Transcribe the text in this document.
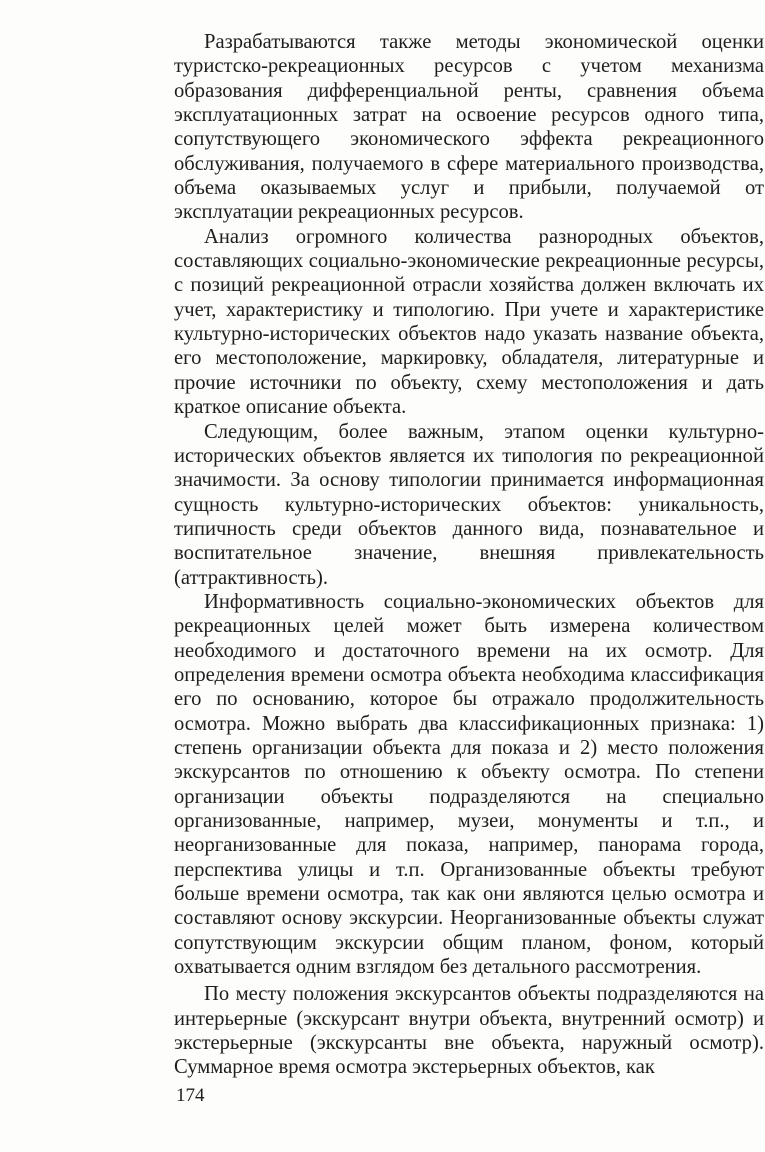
Разрабатываются также методы экономической оценки туристско-рекреационных ресурсов с учетом механизма образования дифференциальной ренты, сравнения объема эксплуатационных затрат на освоение ресурсов одного типа, сопутствующего экономического эффекта рекреационного обслуживания, получаемого в сфере материального производства, объема оказываемых услуг и прибыли, получаемой от эксплуатации рекреационных ресурсов.

Анализ огромного количества разнородных объектов, составляющих социально-экономические рекреационные ресурсы, с позиций рекреационной отрасли хозяйства должен включать их учет, характеристику и типологию. При учете и характеристике культурно-исторических объектов надо указать название объекта, его местоположение, маркировку, обладателя, литературные и прочие источники по объекту, схему местоположения и дать краткое описание объекта.

Следующим, более важным, этапом оценки культурно-исторических объектов является их типология по рекреационной значимости. За основу типологии принимается информационная сущность культурно-исторических объектов: уникальность, типичность среди объектов данного вида, познавательное и воспитательное значение, внешняя привлекательность (аттрактивность).

Информативность социально-экономических объектов для рекреационных целей может быть измерена количеством необходимого и достаточного времени на их осмотр. Для определения времени осмотра объекта необходима классификация его по основанию, которое бы отражало продолжительность осмотра. Можно выбрать два классификационных признака: 1) степень организации объекта для показа и 2) место положения экскурсантов по отношению к объекту осмотра. По степени организации объекты подразделяются на специально организованные, например, музеи, монументы и т.п., и неорганизованные для показа, например, панорама города, перспектива улицы и т.п. Организованные объекты требуют больше времени осмотра, так как они являются целью осмотра и составляют основу экскурсии. Неорганизованные объекты служат сопутствующим экскурсии общим планом, фоном, который охватывается одним взглядом без детального рассмотрения.

По месту положения экскурсантов объекты подразделяются на интерьерные (экскурсант внутри объекта, внутренний осмотр) и экстерьерные (экскурсанты вне объекта, наружный осмотр). Суммарное время осмотра экстерьерных объектов, как

174
